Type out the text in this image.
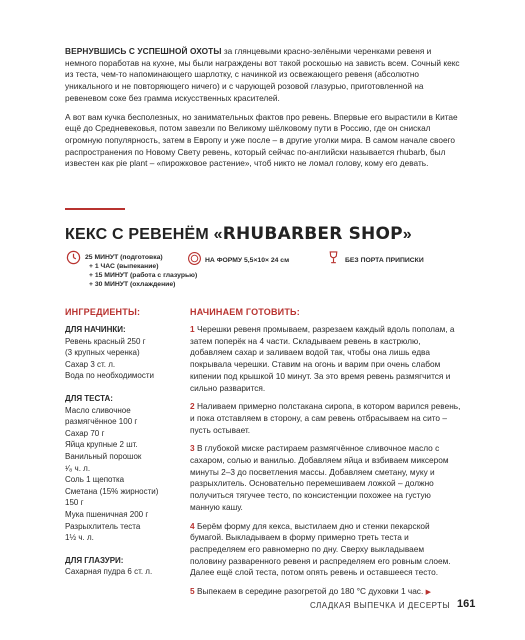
ВЕРНУВШИСЬ С УСПЕШНОЙ ОХОТЫ за глянцевыми красно-зелёными черенками ревеня и немного поработав на кухне, мы были награждены вот такой роскошью на зависть всем. Сочный кекс из теста, чем-то напоминающего шарлотку, с начинкой из освежающего ревеня (абсолютно уникального и не повторяющего ничего) и с чарующей розовой глазурью, приготовленной на ревеневом соке без грамма искусственных красителей.

А вот вам кучка бесполезных, но занимательных фактов про ревень. Впервые его вырастили в Китае ещё до Средневековья, потом завезли по Великому шёлковому пути в Россию, где он снискал огромную популярность, затем в Европу и уже после – в другие уголки мира. В самом начале своего распространения по Новому Свету ревень, который сейчас по-английски называется rhubarb, был известен как pie plant – «пирожковое растение», чтоб никто не ломал голову, кому его девать.

КЕКС С РЕВЕНЁМ «RHUBARBER SHOP»
25 МИНУТ (подготовка)
+ 1 ЧАС (выпекание)
+ 15 МИНУТ (работа с глазурью)
+ 30 МИНУТ (охлаждение)
НА ФОРМУ 5,5×10× 24 см	БЕЗ ПОРТА ПРИПИСКИ
ИНГРЕДИЕНТЫ:	НАЧИНАЕМ ГОТОВИТЬ:
ДЛЯ НАЧИНКИ:
Ревень красный 250 г
(3 крупных черенка)
Сахар 3 ст. л.
Вода по необходимости
ДЛЯ ТЕСТА:
Масло сливочное
размягчённое 100 г
Сахар 70 г
Яйца крупные 2 шт.
Ванильный порошок
¹⁄₈ ч. л.
Соль 1 щепотка
Сметана (15% жирности)
150 г
Мука пшеничная 200 г
Разрыхлитель теста
1½ ч. л.
ДЛЯ ГЛАЗУРИ:
Сахарная пудра 6 ст. л.

1 Черешки ревеня промываем, разрезаем каждый вдоль пополам, а затем поперёк на 4 части. Складываем ревень в кастрюлю, добавляем сахар и заливаем водой так, чтобы она лишь едва покрывала черешки. Ставим на огонь и варим при очень слабом кипении под крышкой 10 минут. За это время ревень размягчится и сильно разварится.

2 Наливаем примерно полстакана сиропа, в котором варился ревень, и пока отставляем в сторону, а сам ревень отбрасываем на сито – пусть остывает.

3 В глубокой миске растираем размягчённое сливочное масло с сахаром, солью и ванилью. Добавляем яйца и взбиваем миксером минуты 2–3 до посветления массы. Добавляем сметану, муку и разрыхлитель. Основательно перемешиваем ложкой – должно получиться тягучее тесто, по консистенции похожее на густую манную кашу.

4 Берём форму для кекса, выстилаем дно и стенки пекарской бумагой. Выкладываем в форму примерно треть теста и распределяем его равномерно по дну. Сверху выкладываем половину разваренного ревеня и распределяем его ровным слоем. Далее ещё слой теста, потом опять ревень и оставшееся тесто.

5 Выпекаем в середине разогретой до 180 °С духовки 1 час. ▶

СЛАДКАЯ ВЫПЕЧКА И ДЕСЕРТЫ 161
